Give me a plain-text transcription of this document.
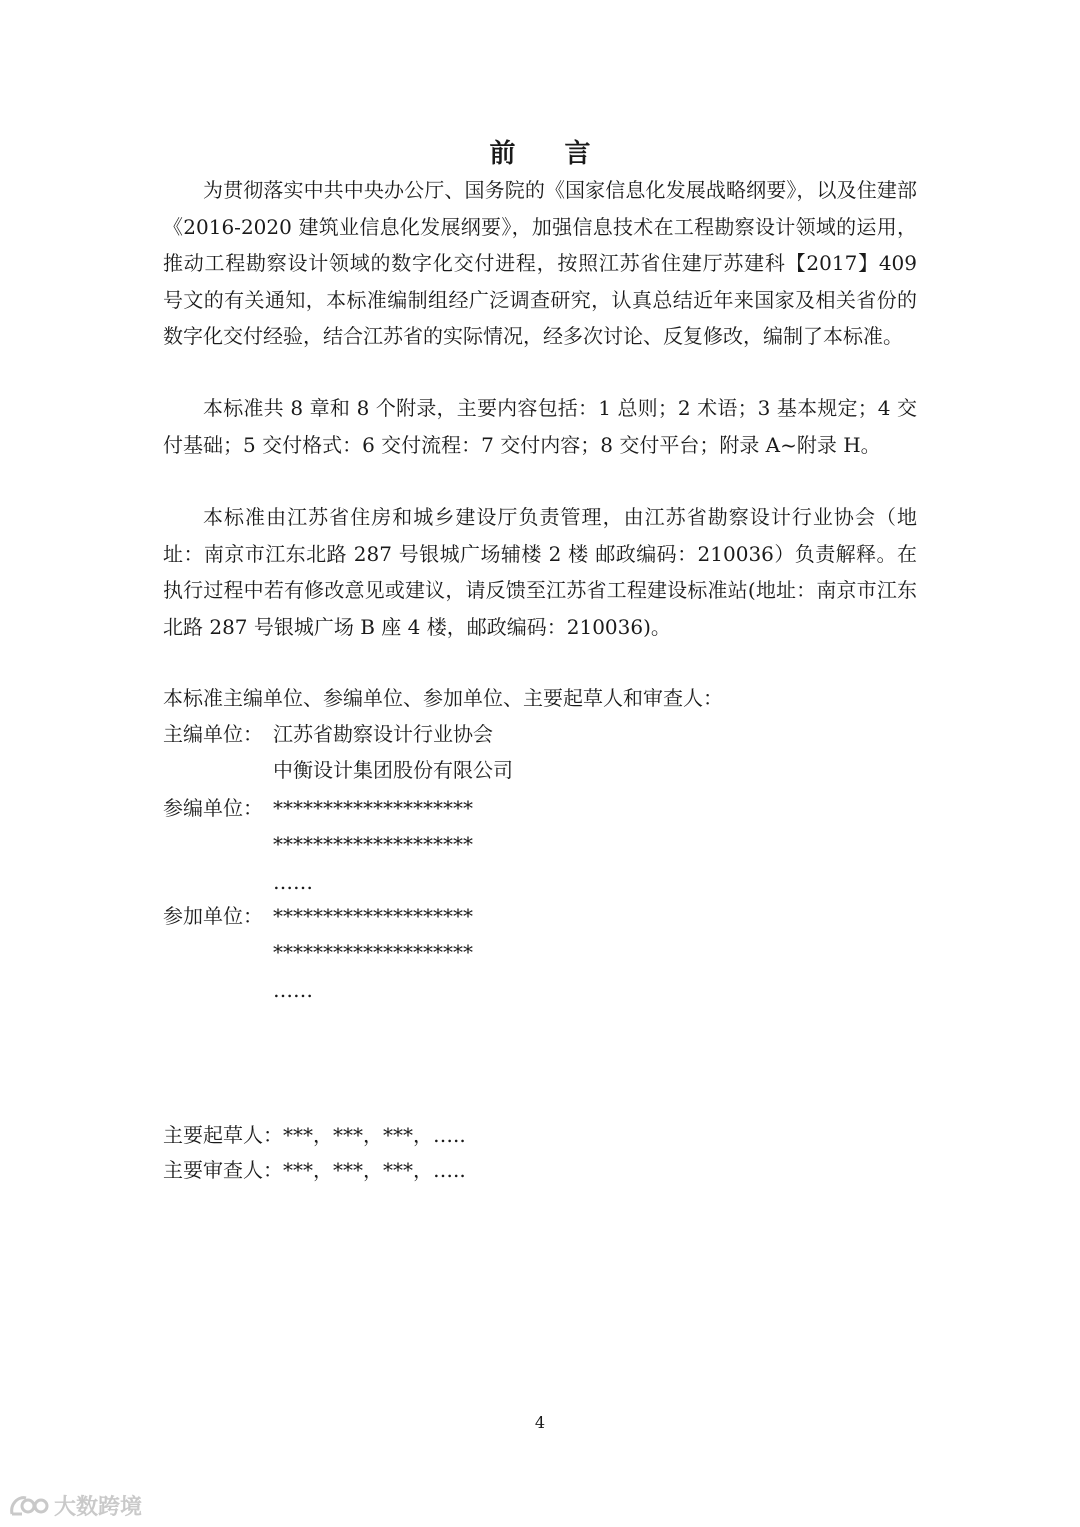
前 言

为贯彻落实中共中央办公厅、国务院的《国家信息化发展战略纲要》，以及住建部《2016-2020 建筑业信息化发展纲要》，加强信息技术在工程勘察设计领域的运用，推动工程勘察设计领域的数字化交付进程，按照江苏省住建厅苏建科【2017】409 号文的有关通知，本标准编制组经广泛调查研究，认真总结近年来国家及相关省份的数字化交付经验，结合江苏省的实际情况，经多次讨论、反复修改，编制了本标准。

本标准共 8 章和 8 个附录，主要内容包括：1 总则；2 术语；3 基本规定；4 交付基础；5 交付格式：6 交付流程：7 交付内容；8 交付平台；附录 A~附录 H。

本标准由江苏省住房和城乡建设厅负责管理，由江苏省勘察设计行业协会（地址：南京市江东北路 287 号银城广场辅楼 2 楼 邮政编码：210036）负责解释。在执行过程中若有修改意见或建议，请反馈至江苏省工程建设标准站(地址：南京市江东北路 287 号银城广场 B 座 4 楼，邮政编码：210036)。

本标准主编单位、参编单位、参加单位、主要起草人和审查人：
主编单位： 江苏省勘察设计行业协会
中衡设计集团股份有限公司
参编单位： ********************
********************
……
参加单位： ********************
********************
……
主要起草人：***，***，***，…..
主要审查人：***，***，***，…..
4
大数跨境
